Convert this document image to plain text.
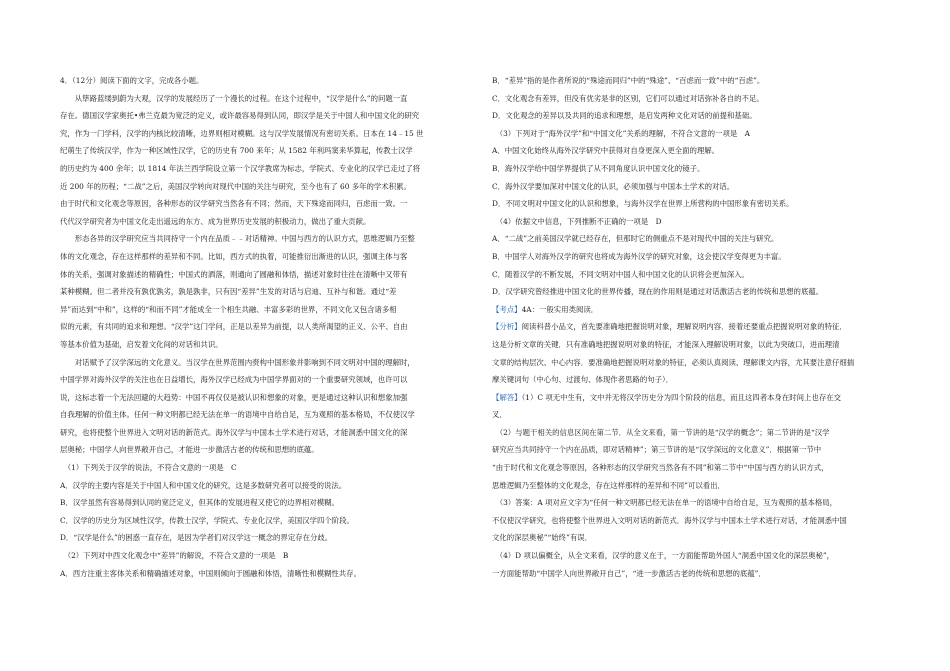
4．（12分）阅读下面的文字，完成各小题。
　　从筚路蓝缕到蔚为大观，汉学的发展经历了一个漫长的过程。在这个过程中，“汉学是什么”的问题一直
存在。德国汉学家奥托•弗兰克最为宽泛的定义，或许最容易得到认同，即汉学是关于中国人和中国文化的研究
究，作为一门学科，汉学的内核比较清晰，边界则相对模糊。这与汉学发展情况有密切关系。日本在 14﹣15 世
纪萌生了传统汉学，作为一种区域性汉学，它的历史有 700 来年；从 1582 年利玛窦来华算起，传教士汉学
的历史约为 400 余年；以 1814 年法兰西学院设立第一个汉学教席为标志，学院式、专业化的汉学已走过了将
近 200 年的历程；“二战”之后，美国汉学转向对现代中国的关注与研究，至今也有了 60 多年的学术积累。
由于时代和文化观念等原因，各种形态的汉学研究当然各有不同；然而，天下殊途而同归，百虑而一致。一
代代汉学研究者为中国文化走出遥远的东方、成为世界历史发展的积极动力，做出了重大贡献。
　　形态各异的汉学研究应当共同持守一个内在品质﹣﹣对话精神。中国与西方的认识方式，思维逻辑乃至整
体的文化观念，存在这样那样的差异和不同。比如，西方式的执着，可能推衍出渐进的认识，强调主体与客
体的关系，强调对象描述的精确性；中国式的洒落，则通向了圆融和体悟，描述对象时往往在清晰中又带有
某种模糊。但二者并没有孰优孰劣，孰是孰非，只有因“差异”生发的对话与启迪、互补与和谐。通过“差
异”而达到“中和”，这样的“和而不同”才能成全一个相生共融、丰富多彩的世界，不同文化又包含诸多相
似的元素，有共同的追求和理想。“汉学”这门学问，正是以差异为前提，以人类所渴望的正义、公平、自由
等基本价值为基础，启发着文化间的对话和共识。
　　对话赋予了汉学深远的文化意义。当汉学在世界范围内赍构中国形象并影响到不同文明对中国的理解时，
中国学界对海外汉学的关注也在日益增长，海外汉学已经成为中国学界面对的一个重要研究领域，也许可以
说，这标志着一个无法回避的大趋势：中国不再仅仅是被认识和想象的对象，更是通过这种认识和想象加强
自我理解的价值主体。任何一种文明都已经无法在单一的语境中自给自足，互为观照的基本格局，不仅使汉学
研究，也将使整个世界进入文明对话的新范式。海外汉学与中国本土学术进行对话，才能洞悉中国文化的深
层奥秘；中国学人向世界敞开自己，才能进一步激活古老的传统和思想的底蕴。
　（1）下列关于汉学的说法，不符合文意的一项是　C　
A．汉学的主要内容是关于中国人和中国文化的研究，这是多数研究者可以接受的说法。
B．汉学虽然有容易得到认同的宽泛定义，但其体的发展进程又使它的边界相对模糊。
C．汉学的历史分为区域性汉学，传教士汉学，学院式、专业化汉学，美国汉学四个阶段。
D．“汉学是什么”的困惑一直存在，是因为学者们对汉学这一概念的界定存在分歧。
　（2）下列对中西文化观念中“差异”的解说，不符合文意的一项是　B　
A．西方注重主客体关系和精确描述对象，中国则倾向于圆融和体悟，清晰性和模糊性共存。
B．“差异”指的是作者所说的“殊途而同归”中的“殊途”、“百虑而一致”中的“百虑”。
C．文化观念有差异，但没有优劣是非的区别，它们可以通过对话弥补各自的不足。
D．文化观念的差异以及共同的追求和理想，是启发两种文化对话的前提和基础。
　（3）下列对于“海外汉学”和“中国文化”关系的理解，不符合文意的一项是　A　
A．中国文化始终从海外汉学研究中获得对自身更深入更全面的理解。
B．海外汉学给中国学界提供了从不同角度认识中国文化的镜子。
C．海外汉学要加深对中国文化的认识，必须加强与中国本土学术的对话。
D．不同文明对中国文化的认识和想象，与海外汉学在世界上所营构的中国形象有密切关系。
　（4）依据文中信息，下列推断不正确的一项是　D　
A．“二战”之前美国汉学就已经存在，但那时它的侧重点不是对现代中国的关注与研究。
B．中国学人对海外汉学的研究也将成为海外汉学的研究对象，这会使汉学变得更为丰富。
C．随着汉学的不断发展，不同文明对中国人和中国文化的认识将会更加深入。
D．汉学研究曾经推进中国文化的世界传播，现在的作用则是通过对话激活古老的传统和思想的底蕴。
【考点】4A：一般实用类阅读．
【分析】阅读科普小品文，首先要准确地把握说明对象，理解说明内容．接着还要重点把握说明对象的特征．
这是分析文章的关键．只有准确地把握说明对象的特征，才能深入理解说明对象，以此为突破口，进而理清
文章的结构层次、中心内容．要准确地把握说明对象的特征，必须认真阅读、理解课文内容，尤其要注意仔细揣
摩关键词句（中心句、过渡句、体现作者思路的句子）．
【解答】（1）C 项无中生有，文中并无将汉学历史分为四个阶段的信息，而且这四者本身在时间上也存在交
叉．
　（2）与题干相关的信息区间在第二节．从全文来看，第一节讲的是“汉学的概念”；第二节讲的是“汉学
研究应当共同持守一个内在品质，即对话精神”；第三节讲的是“汉学深远的文化意义”．根据第一节中
“由于时代和文化观念等原因，各种形态的汉学研究当然各有不同”和第二节中“中国与西方的认识方式，
思维逻辑乃至整体的文化观念，存在这样那样的差异和不同”可以看出．
　（3）答案：A 项对应文字为“任何一种文明都已经无法在单一的语境中自给自足，互为观照的基本格局，
不仅使汉学研究，也将使整个世界进入文明对话的新范式．海外汉学与中国本土学术进行对话，才能洞悉中国
文化的深层奥秘”“始终”有误．
　（4）D 项以偏概全，从全文来看，汉学的意义在于，一方面能帮助外国人“洞悉中国文化的深层奥秘”，
一方面能帮助“中国学人向世界敞开自己”，“进一步激活古老的传统和思想的底蕴”．
